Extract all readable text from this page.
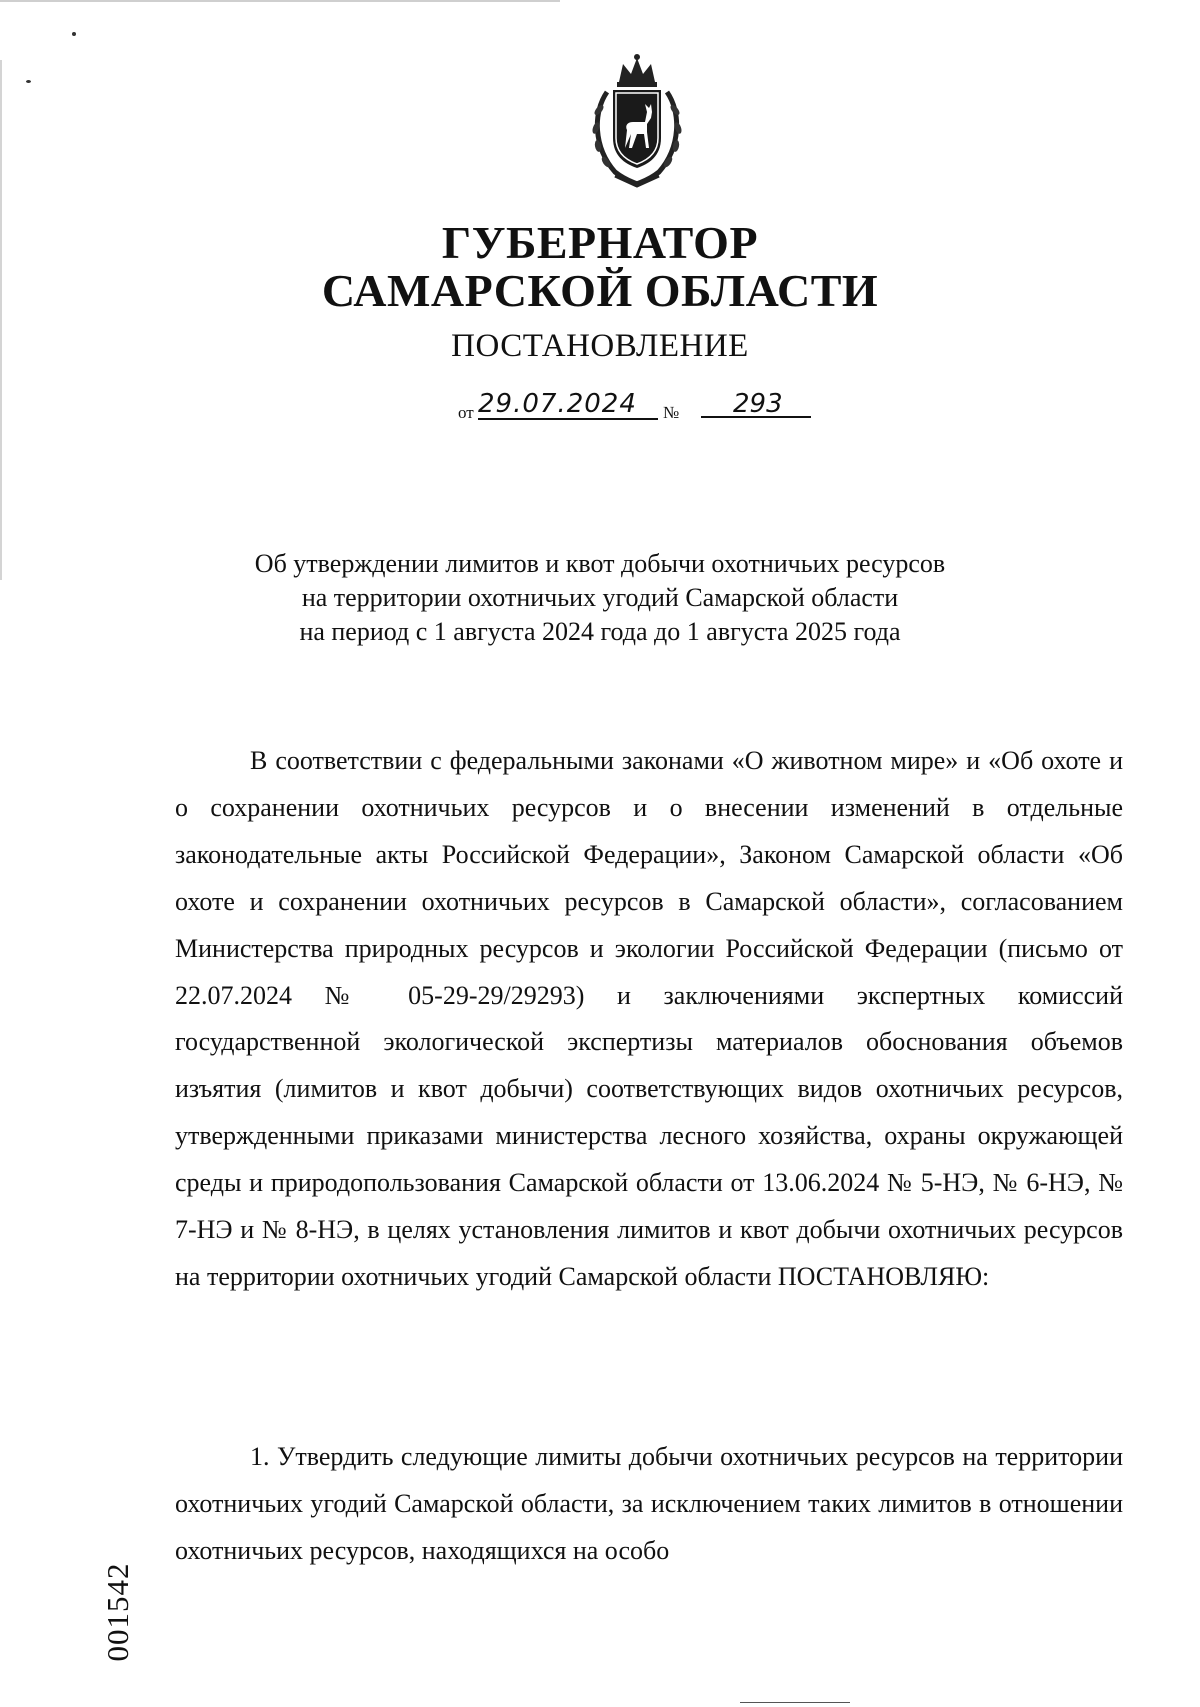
ГУБЕРНАТОР
САМАРСКОЙ ОБЛАСТИ
ПОСТАНОВЛЕНИЕ
от 29.07.2024	№	293
Об утверждении лимитов и квот добычи охотничьих ресурсов
на территории охотничьих угодий Самарской области
на период с 1 августа 2024 года до 1 августа 2025 года
В соответствии с федеральными законами «О животном мире» и «Об охоте и о сохранении охотничьих ресурсов и о внесении изменений в отдельные законодательные акты Российской Федерации», Законом Самарской области «Об охоте и сохранении охотничьих ресурсов в Самарской области», согласованием Министерства природных ресурсов и экологии Российской Федерации (письмо от 22.07.2024 № 05-29-29/29293) и заключениями экспертных комиссий государственной экологической экспертизы материалов обоснования объемов изъятия (лимитов и квот добычи) соответствующих видов охотничьих ресурсов, утвержденными приказами министерства лесного хозяйства, охраны окружающей среды и природопользования Самарской области от 13.06.2024 № 5-НЭ, № 6-НЭ, № 7-НЭ и № 8-НЭ, в целях установления лимитов и квот добычи охотничьих ресурсов на территории охотничьих угодий Самарской области ПОСТАНОВЛЯЮ:
1. Утвердить следующие лимиты добычи охотничьих ресурсов на территории охотничьих угодий Самарской области, за исключением таких лимитов в отношении охотничьих ресурсов, находящихся на особо
001542
